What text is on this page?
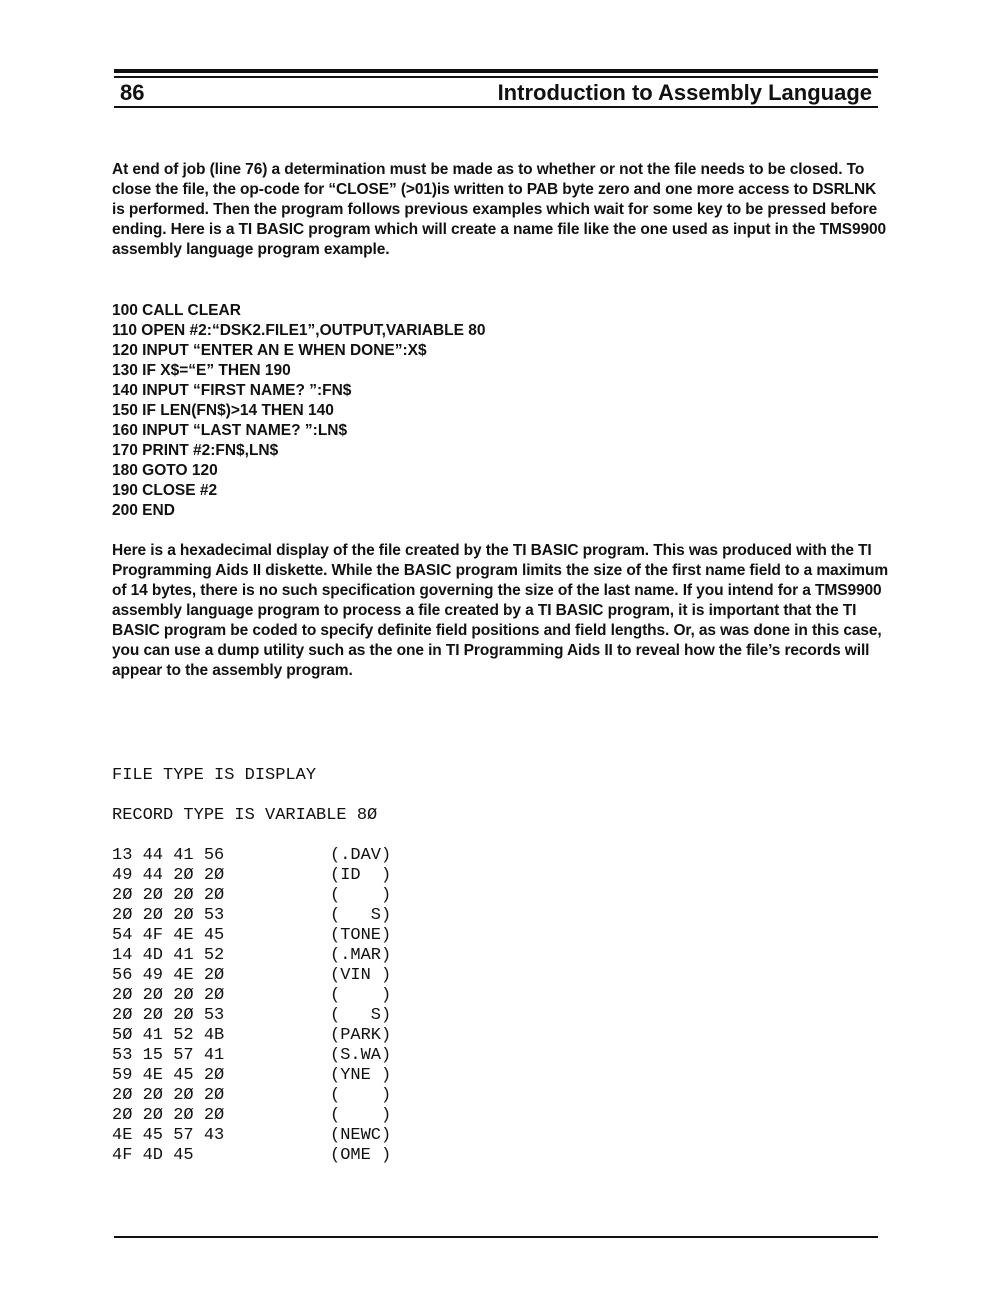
86	Introduction to Assembly Language

At end of job (line 76) a determination must be made as to whether or not the file needs to be closed. To close the file, the op-code for “CLOSE” (>01)is written to PAB byte zero and one more access to DSRLNK is performed. Then the program follows previous examples which wait for some key to be pressed before ending. Here is a TI BASIC program which will create a name file like the one used as input in the TMS9900 assembly language program example.

100 CALL CLEAR
110 OPEN #2:“DSK2.FILE1”,OUTPUT,VARIABLE 80
120 INPUT “ENTER AN E WHEN DONE”:X$
130 IF X$=“E” THEN 190
140 INPUT “FIRST NAME? ”:FN$
150 IF LEN(FN$)>14 THEN 140
160 INPUT “LAST NAME? ”:LN$
170 PRINT #2:FN$,LN$
180 GOTO 120
190 CLOSE #2
200 END

Here is a hexadecimal display of the file created by the TI BASIC program. This was produced with the TI Programming Aids II diskette. While the BASIC program limits the size of the first name field to a maximum of 14 bytes, there is no such specification governing the size of the last name. If you intend for a TMS9900 assembly language program to process a file created by a TI BASIC program, it is important that the TI BASIC program be coded to specify definite field positions and field lengths. Or, as was done in this case, you can use a dump utility such as the one in TI Programming Aids II to reveal how the file’s records will appear to the assembly program.

FILE TYPE IS DISPLAY
RECORD TYPE IS VARIABLE 8Ø
13 44 41 56	(.DAV)
49 44 2Ø 2Ø	(ID  )
2Ø 2Ø 2Ø 2Ø	(    )
2Ø 2Ø 2Ø 53	(   S)
54 4F 4E 45	(TONE)
14 4D 41 52	(.MAR)
56 49 4E 2Ø	(VIN )
2Ø 2Ø 2Ø 2Ø	(    )
2Ø 2Ø 2Ø 53	(   S)
5Ø 41 52 4B	(PARK)
53 15 57 41	(S.WA)
59 4E 45 2Ø	(YNE )
2Ø 2Ø 2Ø 2Ø	(    )
2Ø 2Ø 2Ø 2Ø	(    )
4E 45 57 43	(NEWC)
4F 4D 45	(OME )
